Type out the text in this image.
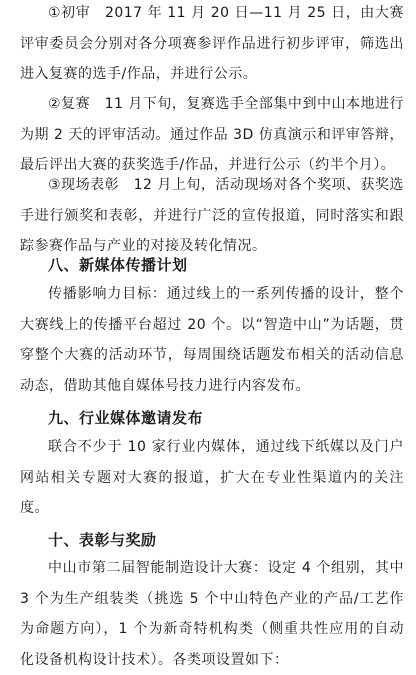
①初审　2017 年 11 月 20 日—11 月 25 日，由大赛评审委员会分别对各分项赛参评作品进行初步评审，筛选出进入复赛的选手/作品，并进行公示。
②复赛　11 月下旬，复赛选手全部集中到中山本地进行为期 2 天的评审活动。通过作品 3D 仿真演示和评审答辩，最后评出大赛的获奖选手/作品，并进行公示（约半个月）。
③现场表彰　12 月上旬，活动现场对各个奖项、获奖选手进行颁奖和表彰，并进行广泛的宣传报道，同时落实和跟踪参赛作品与产业的对接及转化情况。
八、新媒体传播计划
传播影响力目标：通过线上的一系列传播的设计，整个大赛线上的传播平台超过 20 个。以“智造中山”为话题，贯穿整个大赛的活动环节，每周围绕话题发布相关的活动信息动态，借助其他自媒体号技力进行内容发布。
九、行业媒体邀请发布
联合不少于 10 家行业内媒体，通过线下纸媒以及门户网站相关专题对大赛的报道，扩大在专业性渠道内的关注度。
十、表彰与奖励
中山市第二届智能制造设计大赛：设定 4 个组别，其中 3 个为生产组装类（挑选 5 个中山特色产业的产品/工艺作为命题方向），1 个为新奇特机构类（侧重共性应用的自动化设备机构设计技术）。各类项设置如下：
